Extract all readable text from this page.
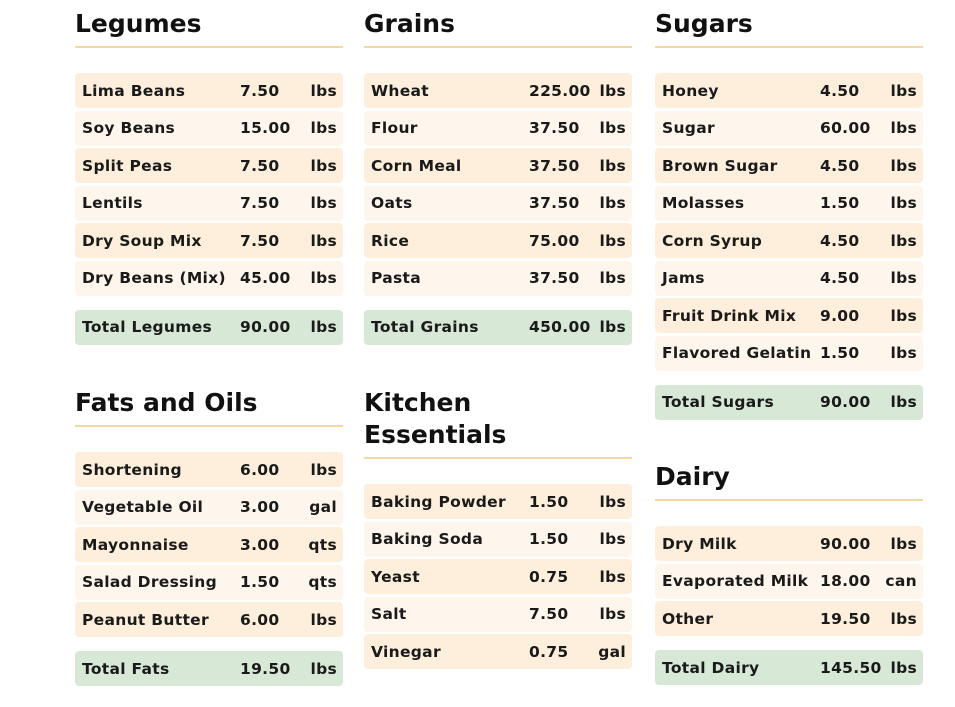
Legumes
Lima Beans	7.50 lbs
Soy Beans	15.00 lbs
Split Peas	7.50 lbs
Lentils	7.50 lbs
Dry Soup Mix 7.50 lbs
Dry Beans (Mix) 45.00 lbs
Total Legumes 90.00 lbs
Grains
Wheat	225.00 lbs
Flour	37.50 lbs
Corn Meal	37.50 lbs
Oats	37.50 lbs
Rice	75.00 lbs
Pasta	37.50 lbs
Total Grains	450.00 lbs
Sugars
Honey	4.50 lbs
Sugar	60.00 lbs
Brown Sugar	4.50 lbs
Molasses	1.50 lbs
Corn Syrup	4.50 lbs
Jams	4.50 lbs
Fruit Drink Mix 9.00 lbs
Flavored Gelatin 1.50 lbs
Total Sugars	90.00 lbs
Fats and Oils
Shortening	6.00 lbs
Vegetable Oil 3.00 gal
Mayonnaise	3.00 qts
Salad Dressing 1.50 qts
Peanut Butter 6.00 lbs
Total Fats	19.50 lbs
Kitchen
Essentials
Baking Powder 1.50 lbs
Baking Soda	1.50 lbs
Yeast	0.75 lbs
Salt	7.50 lbs
Vinegar	0.75 gal
Dairy
Dry Milk	90.00 lbs
Evaporated Milk 18.00 can
Other	19.50 lbs
Total Dairy	145.50 lbs
